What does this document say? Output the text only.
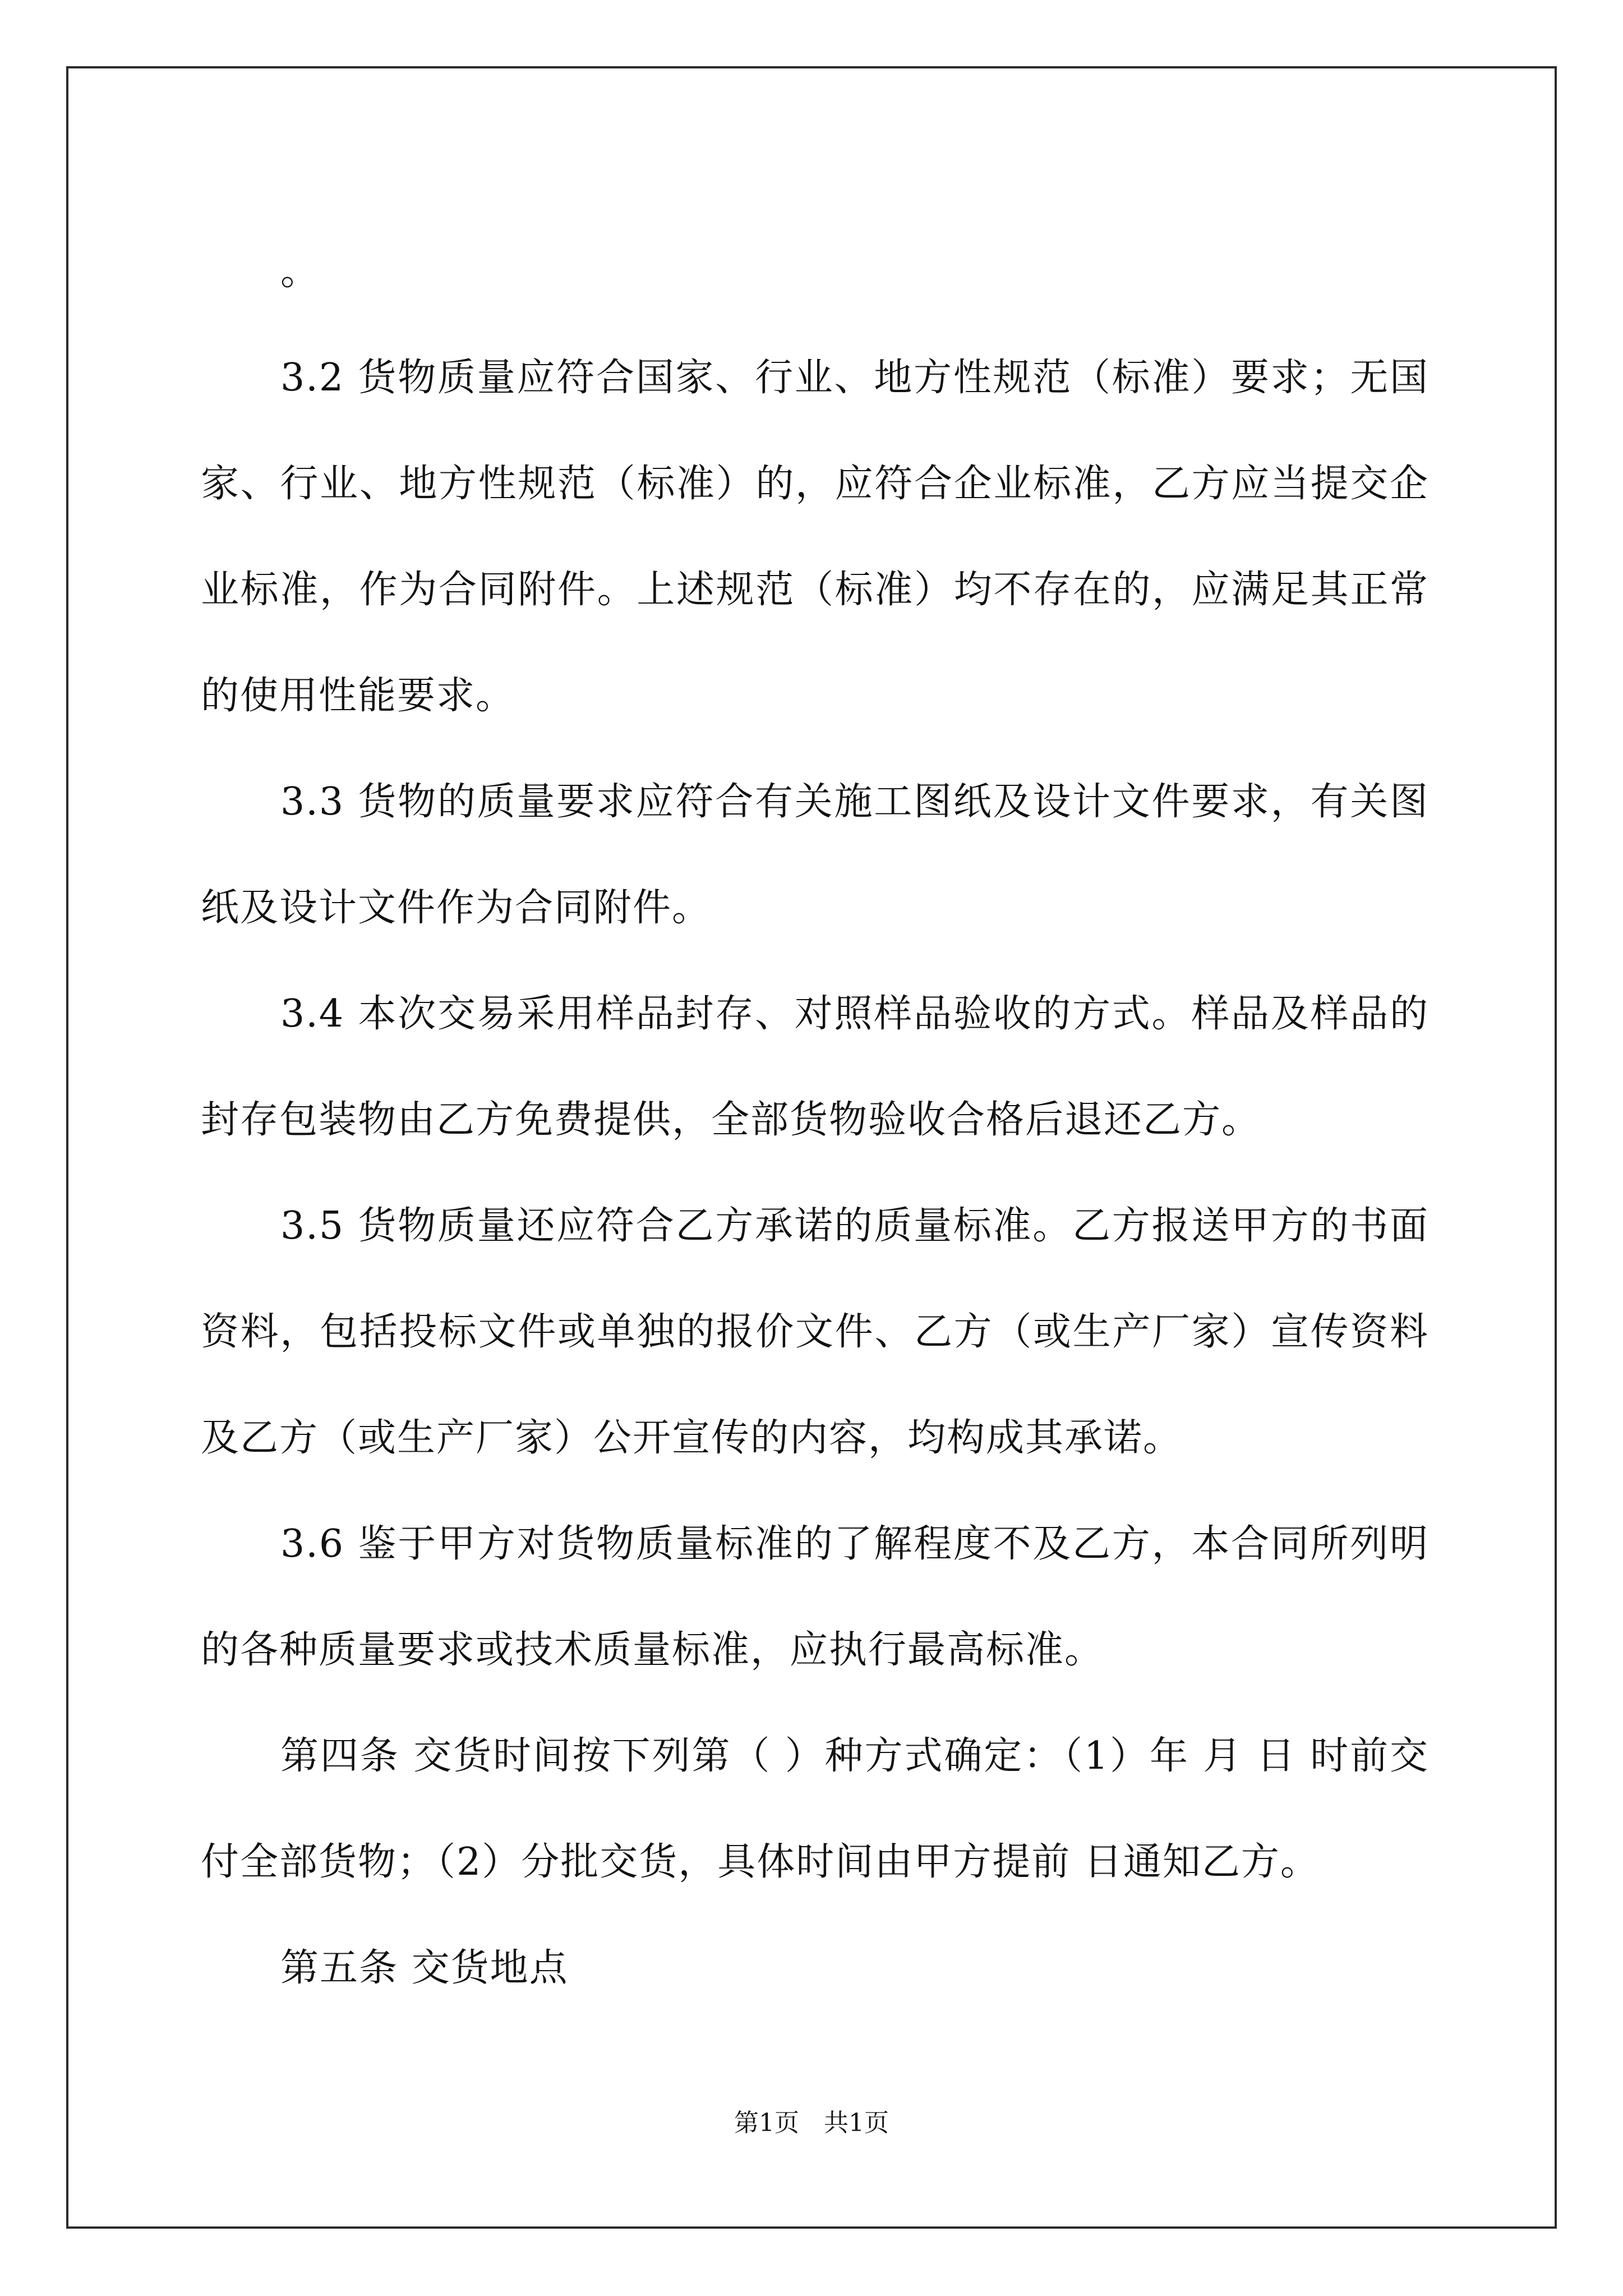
。

3.2 货物质量应符合国家、行业、地方性规范（标准）要求；无国家、行业、地方性规范（标准）的，应符合企业标准，乙方应当提交企业标准，作为合同附件。上述规范（标准）均不存在的，应满足其正常的使用性能要求。

3.3 货物的质量要求应符合有关施工图纸及设计文件要求，有关图纸及设计文件作为合同附件。

3.4 本次交易采用样品封存、对照样品验收的方式。样品及样品的封存包装物由乙方免费提供，全部货物验收合格后退还乙方。

3.5 货物质量还应符合乙方承诺的质量标准。乙方报送甲方的书面资料，包括投标文件或单独的报价文件、乙方（或生产厂家）宣传资料及乙方（或生产厂家）公开宣传的内容，均构成其承诺。

3.6 鉴于甲方对货物质量标准的了解程度不及乙方，本合同所列明的各种质量要求或技术质量标准，应执行最高标准。

第四条 交货时间按下列第（ ）种方式确定：（1）年 月 日 时前交付全部货物；（2）分批交货，具体时间由甲方提前 日通知乙方。

第五条 交货地点

第1页　共1页
